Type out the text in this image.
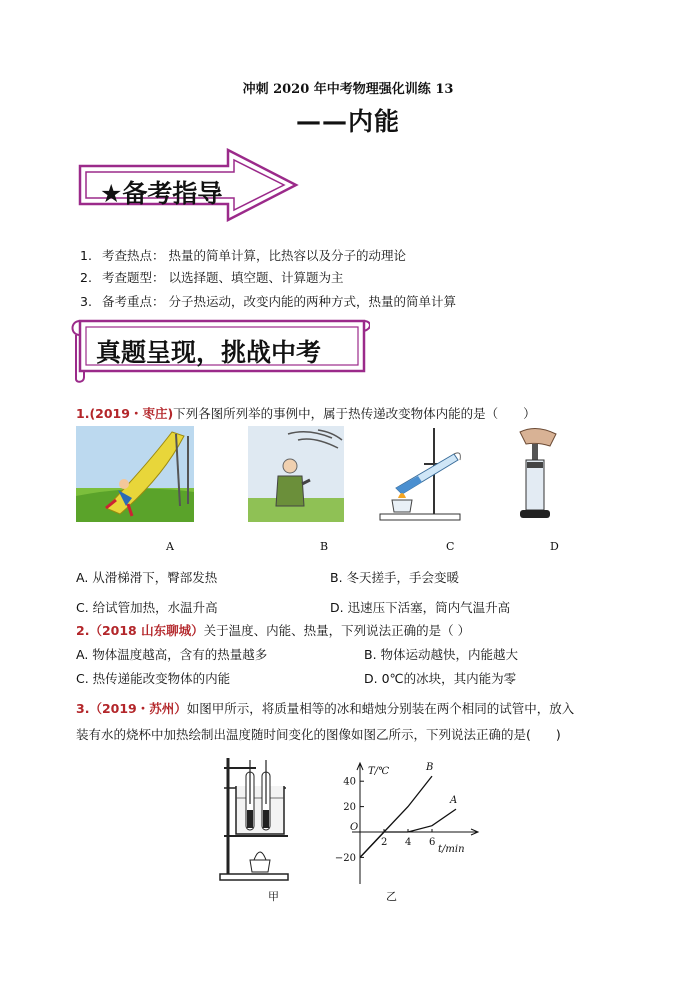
冲刺 2020 年中考物理强化训练 13
——内能
★备考指导
1. 考查热点： 热量的简单计算，比热容以及分子的动理论
2. 考查题型： 以选择题、填空题、计算题为主
3. 备考重点： 分子热运动，改变内能的两种方式，热量的简单计算
真题呈现，挑战中考
1.(2019・枣庄)下列各图所列举的事例中，属于热传递改变物体内能的是（　　）
A	B	C	D
A. 从滑梯滑下，臀部发热	B. 冬天搓手，手会变暖
C. 给试管加热，水温升高	D. 迅速压下活塞，筒内气温升高
2.（2018 山东聊城）关于温度、内能、热量，下列说法正确的是（ ）
A. 物体温度越高，含有的热量越多	B. 物体运动越快，内能越大
C. 热传递能改变物体的内能	D. 0℃的冰块，其内能为零
3.（2019・苏州）如图甲所示，将质量相等的冰和蜡烛分别装在两个相同的试管中，放入
装有水的烧杯中加热绘制出温度随时间变化的图像如图乙所示，下列说法正确的是(　　)
40
20
−20
2 4 6
O
T/℃
t/min
B
A
甲	乙
